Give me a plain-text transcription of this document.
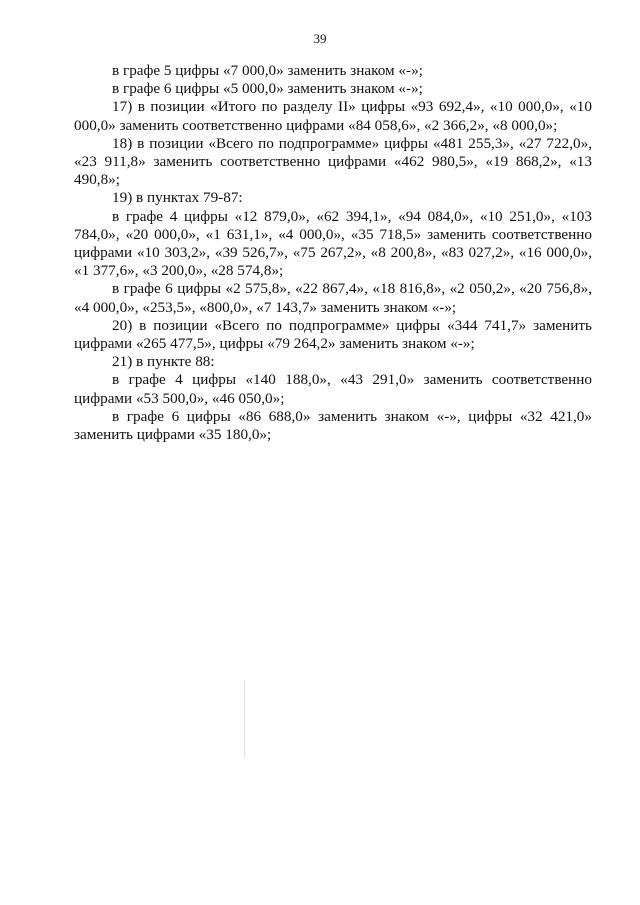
39

в графе 5 цифры «7 000,0» заменить знаком «-»;

в графе 6 цифры «5 000,0» заменить знаком «-»;

17) в позиции «Итого по разделу II» цифры «93 692,4», «10 000,0», «10 000,0» заменить соответственно цифрами «84 058,6», «2 366,2», «8 000,0»;

18) в позиции «Всего по подпрограмме» цифры «481 255,3», «27 722,0», «23 911,8» заменить соответственно цифрами «462 980,5», «19 868,2», «13 490,8»;

19) в пунктах 79-87:

в графе 4 цифры «12 879,0», «62 394,1», «94 084,0», «10 251,0», «103 784,0», «20 000,0», «1 631,1», «4 000,0», «35 718,5» заменить соответственно цифрами «10 303,2», «39 526,7», «75 267,2», «8 200,8», «83 027,2», «16 000,0», «1 377,6», «3 200,0», «28 574,8»;

в графе 6 цифры «2 575,8», «22 867,4», «18 816,8», «2 050,2», «20 756,8», «4 000,0», «253,5», «800,0», «7 143,7» заменить знаком «-»;

20) в позиции «Всего по подпрограмме» цифры «344 741,7» заменить цифрами «265 477,5», цифры «79 264,2» заменить знаком «-»;

21) в пункте 88:

в графе 4 цифры «140 188,0», «43 291,0» заменить соответственно цифрами «53 500,0», «46 050,0»;

в графе 6 цифры «86 688,0» заменить знаком «-», цифры «32 421,0» заменить цифрами «35 180,0»;
